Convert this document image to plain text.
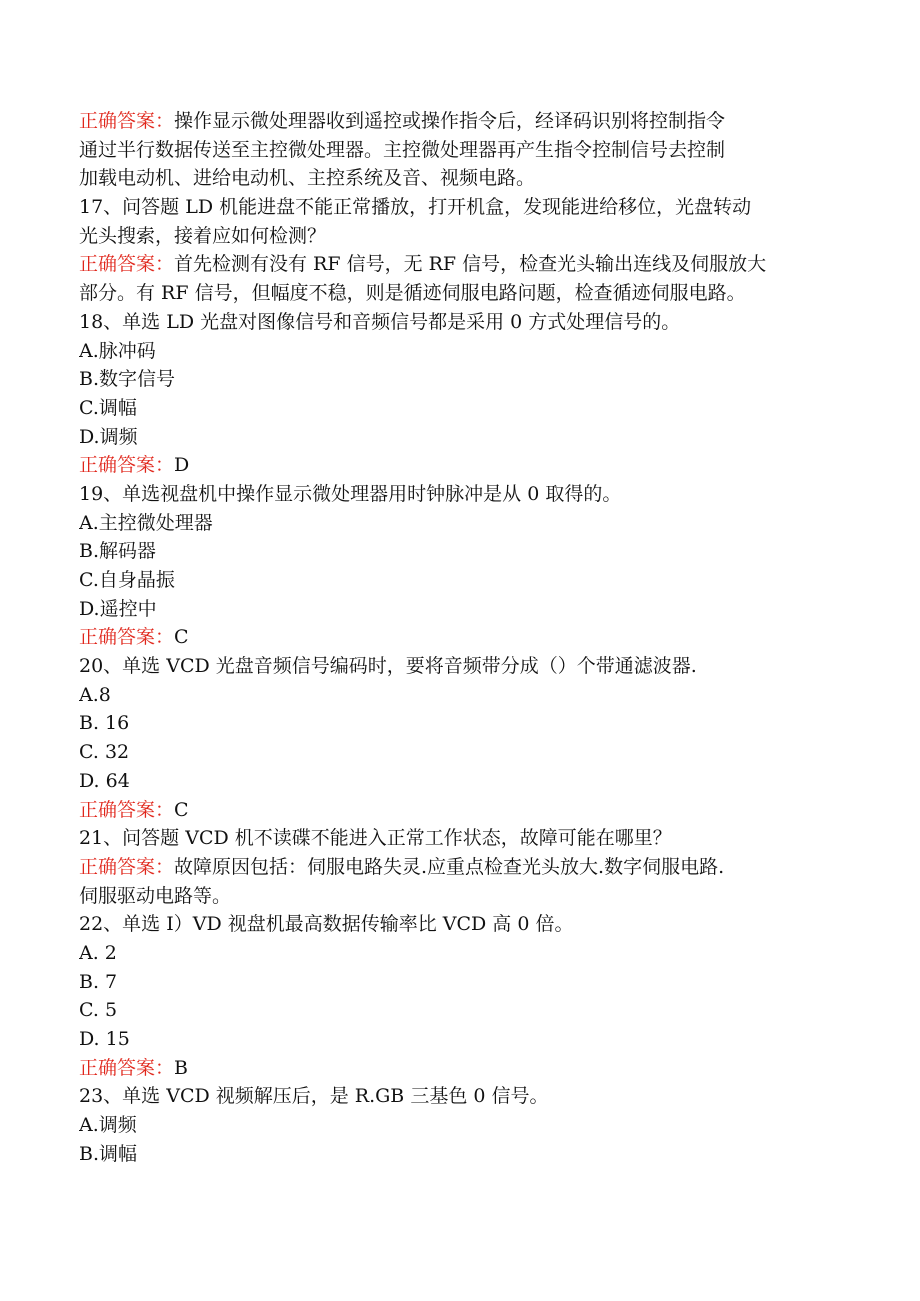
正确答案：操作显示微处理器收到遥控或操作指令后，经译码识别将控制指令
通过半行数据传送至主控微处理器。主控微处理器再产生指令控制信号去控制
加载电动机、进给电动机、主控系统及音、视频电路。
17、问答题 LD 机能进盘不能正常播放，打开机盒，发现能进给移位，光盘转动
光头搜索，接着应如何检测？
正确答案：首先检测有没有 RF 信号，无 RF 信号，检查光头输出连线及伺服放大
部分。有 RF 信号，但幅度不稳，则是循迹伺服电路问题，检查循迹伺服电路。
18、单选 LD 光盘对图像信号和音频信号都是采用 0 方式处理信号的。
A.脉冲码
B.数字信号
C.调幅
D.调频
正确答案：D
19、单选视盘机中操作显示微处理器用时钟脉冲是从 0 取得的。
A.主控微处理器
B.解码器
C.自身晶振
D.遥控中
正确答案：C
20、单选 VCD 光盘音频信号编码时，要将音频带分成（）个带通滤波器.
A.8
B. 16
C. 32
D. 64
正确答案：C
21、问答题 VCD 机不读碟不能进入正常工作状态，故障可能在哪里？
正确答案：故障原因包括：伺服电路失灵.应重点检查光头放大.数字伺服电路.
伺服驱动电路等。
22、单选 I）VD 视盘机最高数据传输率比 VCD 高 0 倍。
A. 2
B. 7
C. 5
D. 15
正确答案：B
23、单选 VCD 视频解压后，是 R.GB 三基色 0 信号。
A.调频
B.调幅
